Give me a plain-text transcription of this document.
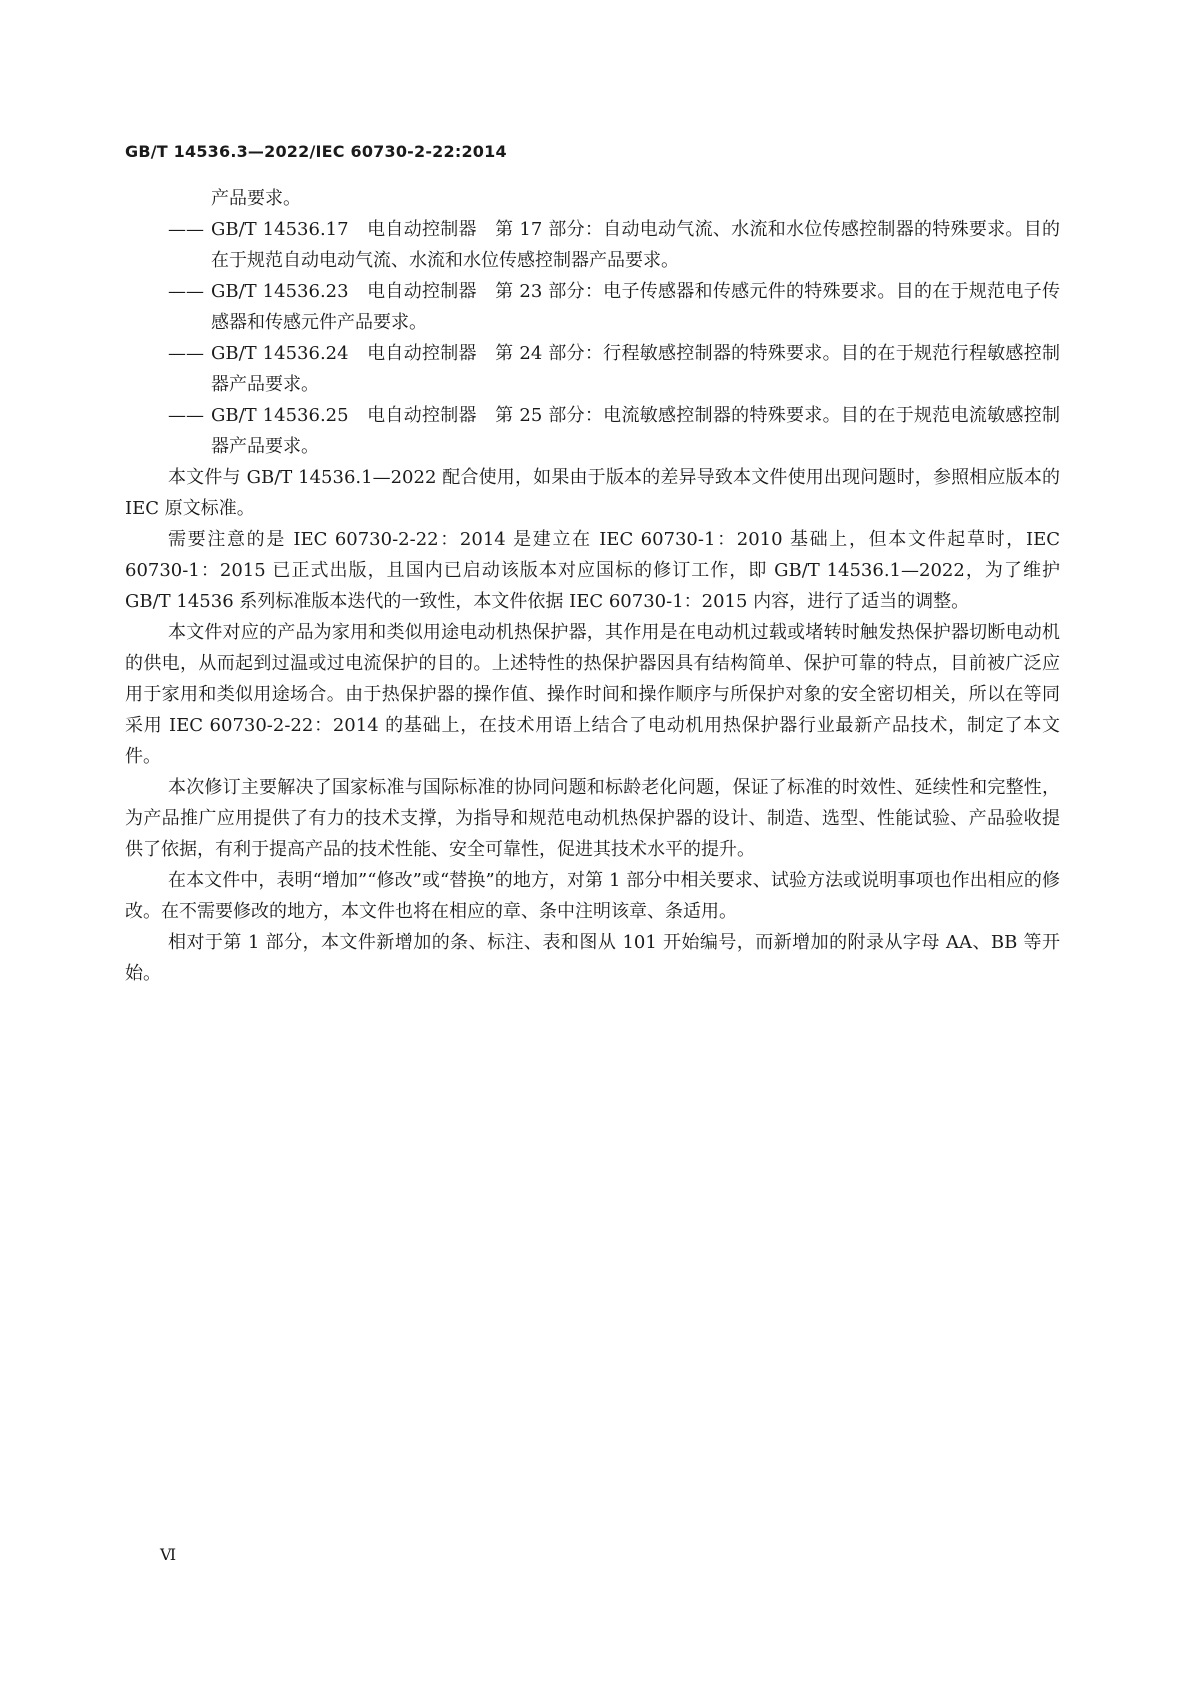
GB/T 14536.3—2022/IEC 60730-2-22:2014
产品要求。
—— GB/T 14536.17　电自动控制器　第 17 部分：自动电动气流、水流和水位传感控制器的特殊要求。目的在于规范自动电动气流、水流和水位传感控制器产品要求。
—— GB/T 14536.23　电自动控制器　第 23 部分：电子传感器和传感元件的特殊要求。目的在于规范电子传感器和传感元件产品要求。
—— GB/T 14536.24　电自动控制器　第 24 部分：行程敏感控制器的特殊要求。目的在于规范行程敏感控制器产品要求。
—— GB/T 14536.25　电自动控制器　第 25 部分：电流敏感控制器的特殊要求。目的在于规范电流敏感控制器产品要求。

本文件与 GB/T 14536.1—2022 配合使用，如果由于版本的差异导致本文件使用出现问题时，参照相应版本的 IEC 原文标准。

需要注意的是 IEC 60730-2-22：2014 是建立在 IEC 60730-1：2010 基础上，但本文件起草时，IEC 60730-1：2015 已正式出版，且国内已启动该版本对应国标的修订工作，即 GB/T 14536.1—2022，为了维护 GB/T 14536 系列标准版本迭代的一致性，本文件依据 IEC 60730-1：2015 内容，进行了适当的调整。

本文件对应的产品为家用和类似用途电动机热保护器，其作用是在电动机过载或堵转时触发热保护器切断电动机的供电，从而起到过温或过电流保护的目的。上述特性的热保护器因具有结构简单、保护可靠的特点，目前被广泛应用于家用和类似用途场合。由于热保护器的操作值、操作时间和操作顺序与所保护对象的安全密切相关，所以在等同采用 IEC 60730-2-22：2014 的基础上，在技术用语上结合了电动机用热保护器行业最新产品技术，制定了本文件。

本次修订主要解决了国家标准与国际标准的协同问题和标龄老化问题，保证了标准的时效性、延续性和完整性，为产品推广应用提供了有力的技术支撑，为指导和规范电动机热保护器的设计、制造、选型、性能试验、产品验收提供了依据，有利于提高产品的技术性能、安全可靠性，促进其技术水平的提升。

在本文件中，表明“增加”“修改”或“替换”的地方，对第 1 部分中相关要求、试验方法或说明事项也作出相应的修改。在不需要修改的地方，本文件也将在相应的章、条中注明该章、条适用。

相对于第 1 部分，本文件新增加的条、标注、表和图从 101 开始编号，而新增加的附录从字母 AA、BB 等开始。

Ⅵ
